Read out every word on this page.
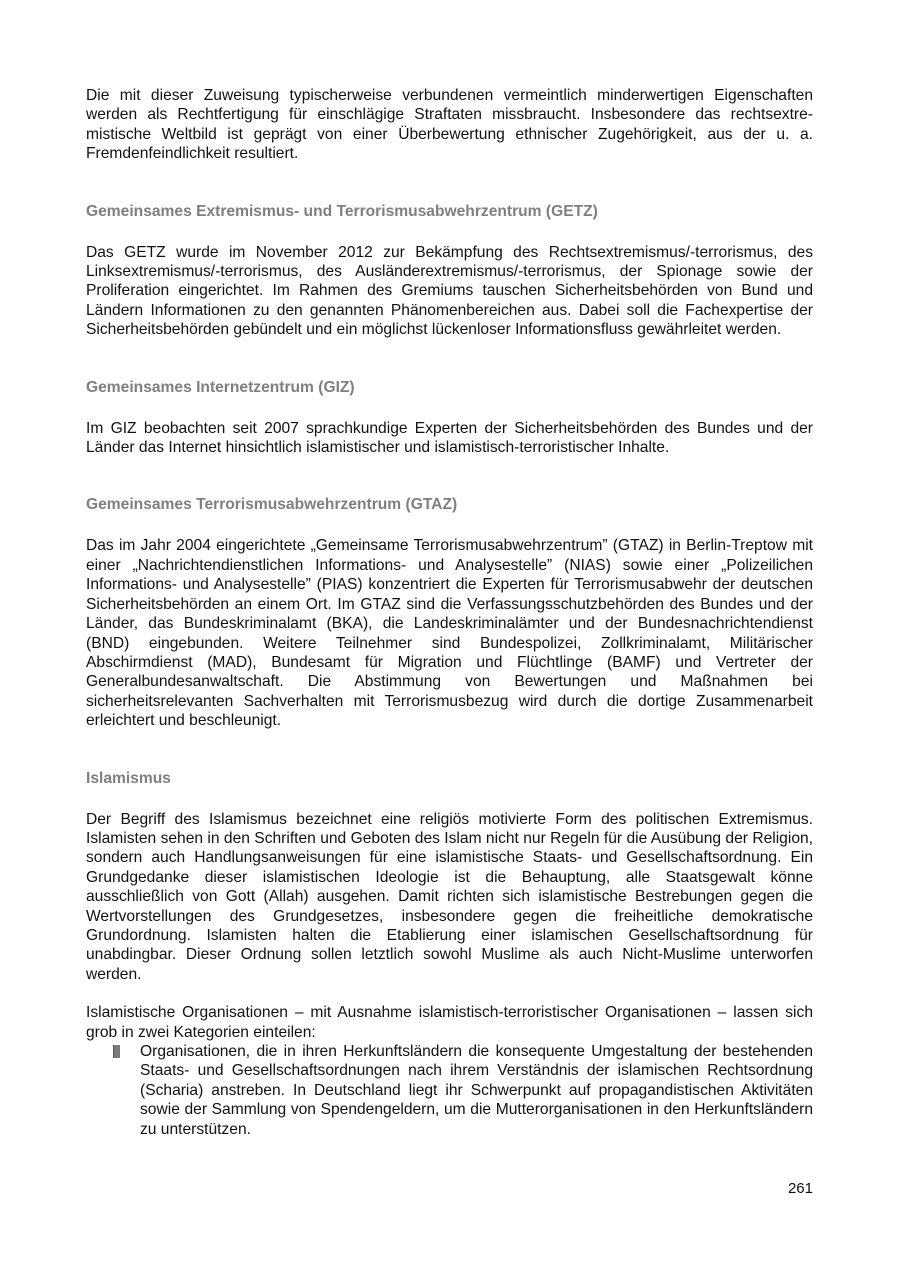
Die mit dieser Zuweisung typischerweise verbundenen vermeintlich minderwertigen Eigenschaften werden als Rechtfertigung für einschlägige Straftaten missbraucht. Insbesondere das rechtsextremistische Weltbild ist geprägt von einer Überbewertung ethnischer Zugehörigkeit, aus der u. a. Fremdenfeindlichkeit resultiert.

Gemeinsames Extremismus- und Terrorismusabwehrzentrum (GETZ)

Das GETZ wurde im November 2012 zur Bekämpfung des Rechtsextremismus/-terrorismus, des Linksextremismus/-terrorismus, des Ausländerextremismus/-terrorismus, der Spionage sowie der Proliferation eingerichtet. Im Rahmen des Gremiums tauschen Sicherheitsbehörden von Bund und Ländern Informationen zu den genannten Phänomenbereichen aus. Dabei soll die Fachexpertise der Sicherheitsbehörden gebündelt und ein möglichst lückenloser Informationsfluss gewährleitet werden.

Gemeinsames Internetzentrum (GIZ)

Im GIZ beobachten seit 2007 sprachkundige Experten der Sicherheitsbehörden des Bundes und der Länder das Internet hinsichtlich islamistischer und islamistisch-terroristischer Inhalte.

Gemeinsames Terrorismusabwehrzentrum (GTAZ)

Das im Jahr 2004 eingerichtete „Gemeinsame Terrorismusabwehrzentrum” (GTAZ) in Berlin-Treptow mit einer „Nachrichtendienstlichen Informations- und Analysestelle” (NIAS) sowie einer „Polizeilichen Informations- und Analysestelle” (PIAS) konzentriert die Experten für Terrorismusabwehr der deutschen Sicherheitsbehörden an einem Ort. Im GTAZ sind die Verfassungsschutzbehörden des Bundes und der Länder, das Bundeskriminalamt (BKA), die Landeskriminalämter und der Bundesnachrichtendienst (BND) eingebunden. Weitere Teilnehmer sind Bundespolizei, Zollkriminalamt, Militärischer Abschirmdienst (MAD), Bundesamt für Migration und Flüchtlinge (BAMF) und Vertreter der Generalbundesanwaltschaft. Die Abstimmung von Bewertungen und Maßnahmen bei sicherheitsrelevanten Sachverhalten mit Terrorismusbezug wird durch die dortige Zusammenarbeit erleichtert und beschleunigt.

Islamismus

Der Begriff des Islamismus bezeichnet eine religiös motivierte Form des politischen Extremismus. Islamisten sehen in den Schriften und Geboten des Islam nicht nur Regeln für die Ausübung der Religion, sondern auch Handlungsanweisungen für eine islamistische Staats- und Gesellschaftsordnung. Ein Grundgedanke dieser islamistischen Ideologie ist die Behauptung, alle Staatsgewalt könne ausschließlich von Gott (Allah) ausgehen. Damit richten sich islamistische Bestrebungen gegen die Wertvorstellungen des Grundgesetzes, insbesondere gegen die freiheitliche demokratische Grundordnung. Islamisten halten die Etablierung einer islamischen Gesellschaftsordnung für unabdingbar. Dieser Ordnung sollen letztlich sowohl Muslime als auch Nicht-Muslime unterworfen werden.

Islamistische Organisationen – mit Ausnahme islamistisch-terroristischer Organisationen – lassen sich grob in zwei Kategorien einteilen:

Organisationen, die in ihren Herkunftsländern die konsequente Umgestaltung der bestehenden Staats- und Gesellschaftsordnungen nach ihrem Verständnis der islamischen Rechtsordnung (Scharia) anstreben. In Deutschland liegt ihr Schwerpunkt auf propagandistischen Aktivitäten sowie der Sammlung von Spendengeldern, um die Mutterorganisationen in den Herkunftsländern zu unterstützen.

261
